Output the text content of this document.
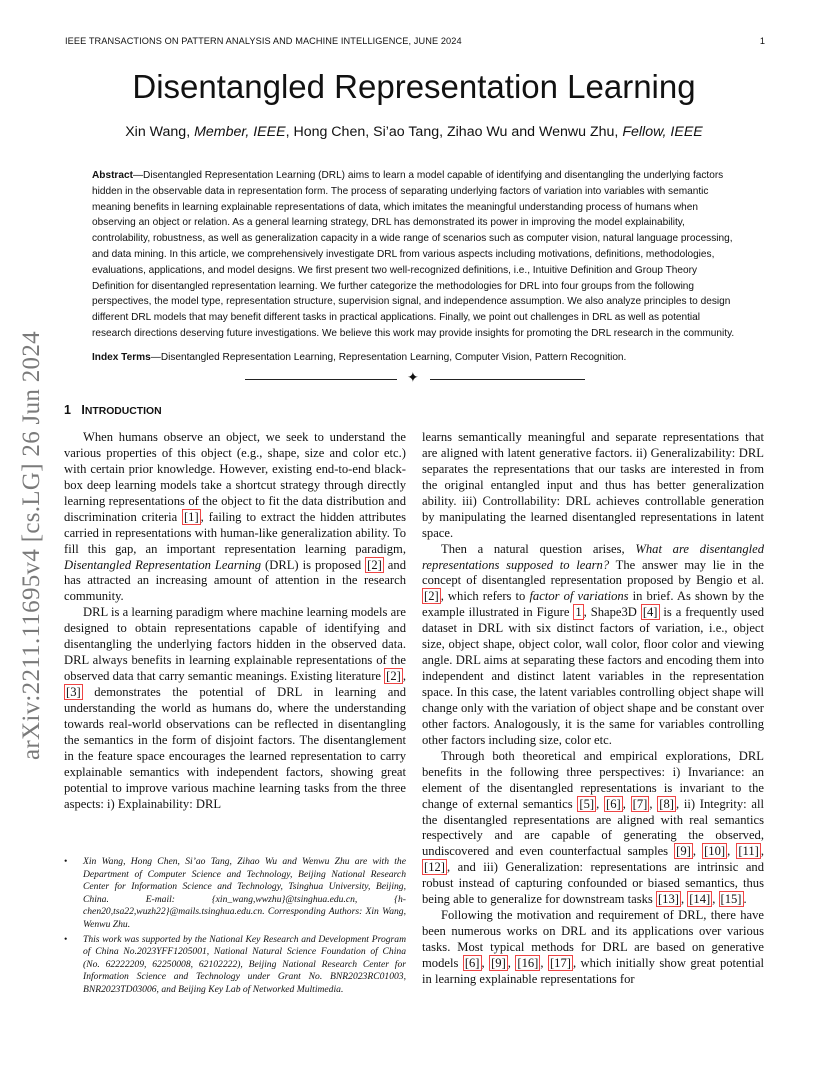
IEEE TRANSACTIONS ON PATTERN ANALYSIS AND MACHINE INTELLIGENCE, JUNE 2024	1
arXiv:2211.11695v4 [cs.LG] 26 Jun 2024
Disentangled Representation Learning
Xin Wang, Member, IEEE, Hong Chen, Si’ao Tang, Zihao Wu and Wenwu Zhu, Fellow, IEEE
Abstract—Disentangled Representation Learning (DRL) aims to learn a model capable of identifying and disentangling the underlying factors hidden in the observable data in representation form. The process of separating underlying factors of variation into variables with semantic meaning benefits in learning explainable representations of data, which imitates the meaningful understanding process of humans when observing an object or relation. As a general learning strategy, DRL has demonstrated its power in improving the model explainability, controlability, robustness, as well as generalization capacity in a wide range of scenarios such as computer vision, natural language processing, and data mining. In this article, we comprehensively investigate DRL from various aspects including motivations, definitions, methodologies, evaluations, applications, and model designs. We first present two well-recognized definitions, i.e., Intuitive Definition and Group Theory Definition for disentangled representation learning. We further categorize the methodologies for DRL into four groups from the following perspectives, the model type, representation structure, supervision signal, and independence assumption. We also analyze principles to design different DRL models that may benefit different tasks in practical applications. Finally, we point out challenges in DRL as well as potential research directions deserving future investigations. We believe this work may provide insights for promoting the DRL research in the community.
Index Terms—Disentangled Representation Learning, Representation Learning, Computer Vision, Pattern Recognition.
✦
1 INTRODUCTION

When humans observe an object, we seek to understand the various properties of this object (e.g., shape, size and color etc.) with certain prior knowledge. However, existing end-to-end black-box deep learning models take a shortcut strategy through directly learning representations of the object to fit the data distribution and discrimination criteria [1] , failing to extract the hidden attributes carried in representations with human-like generalization ability. To fill this gap, an important representation learning paradigm, Disentangled Representation Learning (DRL) is proposed [2] and has attracted an increasing amount of attention in the research community.

DRL is a learning paradigm where machine learning models are designed to obtain representations capable of identifying and disentangling the underlying factors hidden in the observed data. DRL always benefits in learning explainable representations of the observed data that carry semantic meanings. Existing literature [2] , [3] demonstrates the potential of DRL in learning and understanding the world as humans do, where the understanding towards real-world observations can be reflected in disentangling the semantics in the form of disjoint factors. The disentanglement in the feature space encourages the learned representation to carry explainable semantics with independent factors, showing great potential to improve various machine learning tasks from the three aspects: i) Explainability: DRL

• Xin Wang, Hong Chen, Si’ao Tang, Zihao Wu and Wenwu Zhu are with the Department of Computer Science and Technology, Beijing National Research Center for Information Science and Technology, Tsinghua University, Beijing, China. E-mail: {xin_wang,wwzhu}@tsinghua.edu.cn, {h-chen20,tsa22,wuzh22}@mails.tsinghua.edu.cn. Corresponding Authors: Xin Wang, Wenwu Zhu.

• This work was supported by the National Key Research and Development Program of China No.2023YFF1205001, National Natural Science Foundation of China (No. 62222209, 62250008, 62102222), Beijing National Research Center for Information Science and Technology under Grant No. BNR2023RC01003, BNR2023TD03006, and Beijing Key Lab of Networked Multimedia.

learns semantically meaningful and separate representations that are aligned with latent generative factors. ii) Generalizability: DRL separates the representations that our tasks are interested in from the original entangled input and thus has better generalization ability. iii) Controllability: DRL achieves controllable generation by manipulating the learned disentangled representations in latent space.

Then a natural question arises, What are disentangled representations supposed to learn? The answer may lie in the concept of disentangled representation proposed by Bengio et al. [2] , which refers to factor of variations in brief. As shown by the example illustrated in Figure 1 , Shape3D [4] is a frequently used dataset in DRL with six distinct factors of variation, i.e., object size, object shape, object color, wall color, floor color and viewing angle. DRL aims at separating these factors and encoding them into independent and distinct latent variables in the representation space. In this case, the latent variables controlling object shape will change only with the variation of object shape and be constant over other factors. Analogously, it is the same for variables controlling other factors including size, color etc.

Through both theoretical and empirical explorations, DRL benefits in the following three perspectives: i) Invariance: an element of the disentangled representations is invariant to the change of external semantics [5] , [6] , [7] , [8] , ii) Integrity: all the disentangled representations are aligned with real semantics respectively and are capable of generating the observed, undiscovered and even counterfactual samples [9] , [10] , [11] , [12] , and iii) Generalization: representations are intrinsic and robust instead of capturing confounded or biased semantics, thus being able to generalize for downstream tasks [13] , [14] , [15] .

Following the motivation and requirement of DRL, there have been numerous works on DRL and its applications over various tasks. Most typical methods for DRL are based on generative models [6] , [9] , [16] , [17] , which initially show great potential in learning explainable representations for
